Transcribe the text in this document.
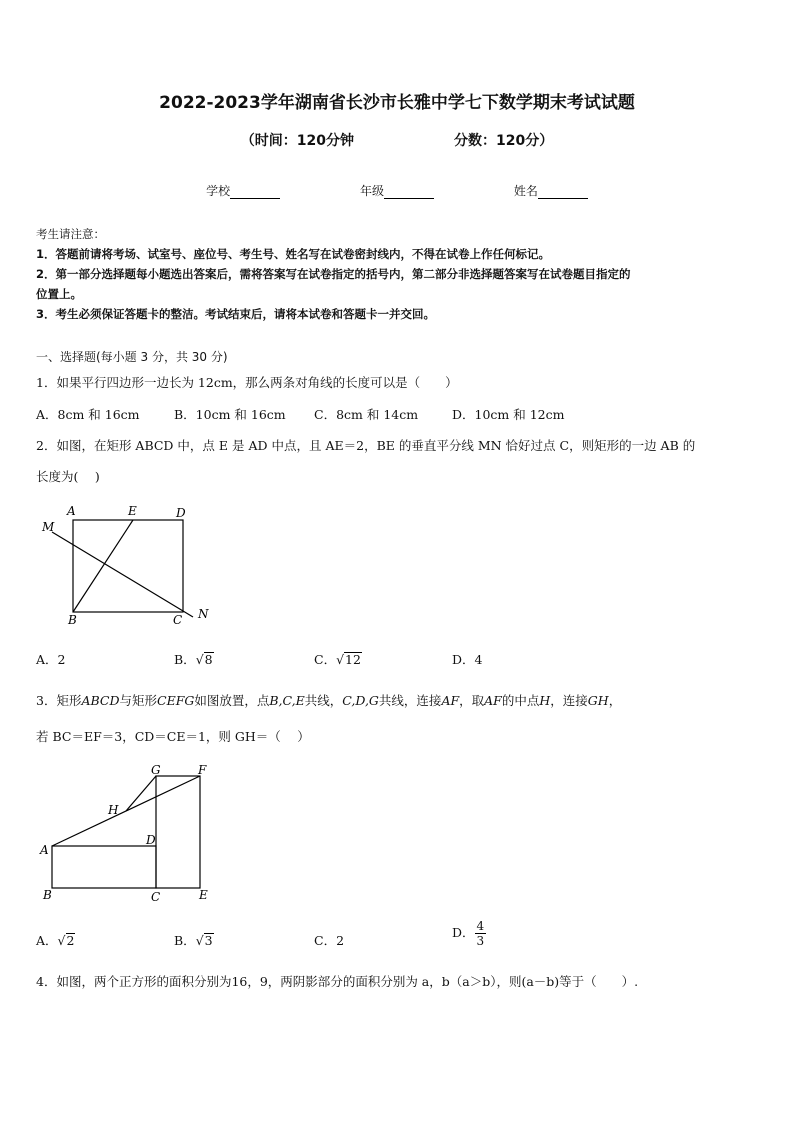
2022-2023学年湖南省长沙市长雅中学七下数学期末考试试题
（时间：120分钟	分数：120分）
学校	年级	姓名
考生请注意：
1．答题前请将考场、试室号、座位号、考生号、姓名写在试卷密封线内，不得在试卷上作任何标记。
2．第一部分选择题每小题选出答案后，需将答案写在试卷指定的括号内，第二部分非选择题答案写在试卷题目指定的
位置上。
3．考生必须保证答题卡的整洁。考试结束后，请将本试卷和答题卡一并交回。
一、选择题(每小题 3 分，共 30 分)
1．如果平行四边形一边长为 12cm，那么两条对角线的长度可以是（　　）
A．8cm 和 16cm	B．10cm 和 16cm C．8cm 和 14cm	D．10cm 和 12cm
2．如图，在矩形 ABCD 中，点 E 是 AD 中点，且 AE＝2，BE 的垂直平分线 MN 恰好过点 C，则矩形的一边 AB 的
长度为(　 )
A	E	D
M
B	C N
A．2	B．√8	C．√12	D．4
3．矩形ABCD与矩形CEFG如图放置，点B,C,E共线，C,D,G共线，连接AF，取AF的中点H，连接GH，
若 BC＝EF＝3，CD＝CE＝1，则 GH＝（　 ）
G	F
H
D
A
B	C	E
A．√2	B．√3	C．2
D． $\frac{4}{3}$
4．如图，两个正方形的面积分别为16，9，两阴影部分的面积分别为 a，b（a＞b），则(a－b)等于（　　）.
